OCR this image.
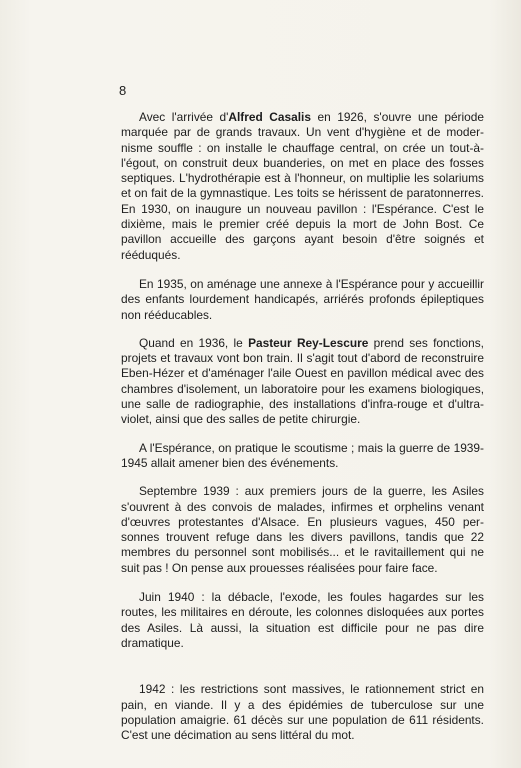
8

Avec l'arrivée d'Alfred Casalis en 1926, s'ouvre une période marquée par de grands travaux. Un vent d'hygiène et de modernisme souffle : on installe le chauffage central, on crée un tout-àl'égout, on construit deux buanderies, on met en place des fosses septiques. L'hydrothérapie est à l'honneur, on multiplie les solariums et on fait de la gymnastique. Les toits se hérissent de paratonnerres. En 1930, on inaugure un nouveau pavillon : l'Espérance. C'est le dixième, mais le premier créé depuis la mort de John Bost. Ce pavillon accueille des garçons ayant besoin d'être soignés et rééduqués.

En 1935, on aménage une annexe à l'Espérance pour y accueillir des enfants lourdement handicapés, arriérés profonds épileptiques non rééducables.

Quand en 1936, le Pasteur Rey-Lescure prend ses fonctions, projets et travaux vont bon train. Il s'agit tout d'abord de reconstruire Eben-Hézer et d'aménager l'aile Ouest en pavillon médical avec des chambres d'isolement, un laboratoire pour les examens biologiques, une salle de radiographie, des installations d'infra-rouge et d'ultra-violet, ainsi que des salles de petite chirurgie.

A l'Espérance, on pratique le scoutisme ; mais la guerre de 1939-1945 allait amener bien des événements.

Septembre 1939 : aux premiers jours de la guerre, les Asiles s'ouvrent à des convois de malades, infirmes et orphelins venant d'œuvres protestantes d'Alsace. En plusieurs vagues, 450 personnes trouvent refuge dans les divers pavillons, tandis que 22 membres du personnel sont mobilisés... et le ravitaillement qui ne suit pas ! On pense aux prouesses réalisées pour faire face.

Juin 1940 : la débacle, l'exode, les foules hagardes sur les routes, les militaires en déroute, les colonnes disloquées aux portes des Asiles. Là aussi, la situation est difficile pour ne pas dire dramatique.

1942 : les restrictions sont massives, le rationnement strict en pain, en viande. Il y a des épidémies de tuberculose sur une population amaigrie. 61 décès sur une population de 611 résidents. C'est une décimation au sens littéral du mot.
